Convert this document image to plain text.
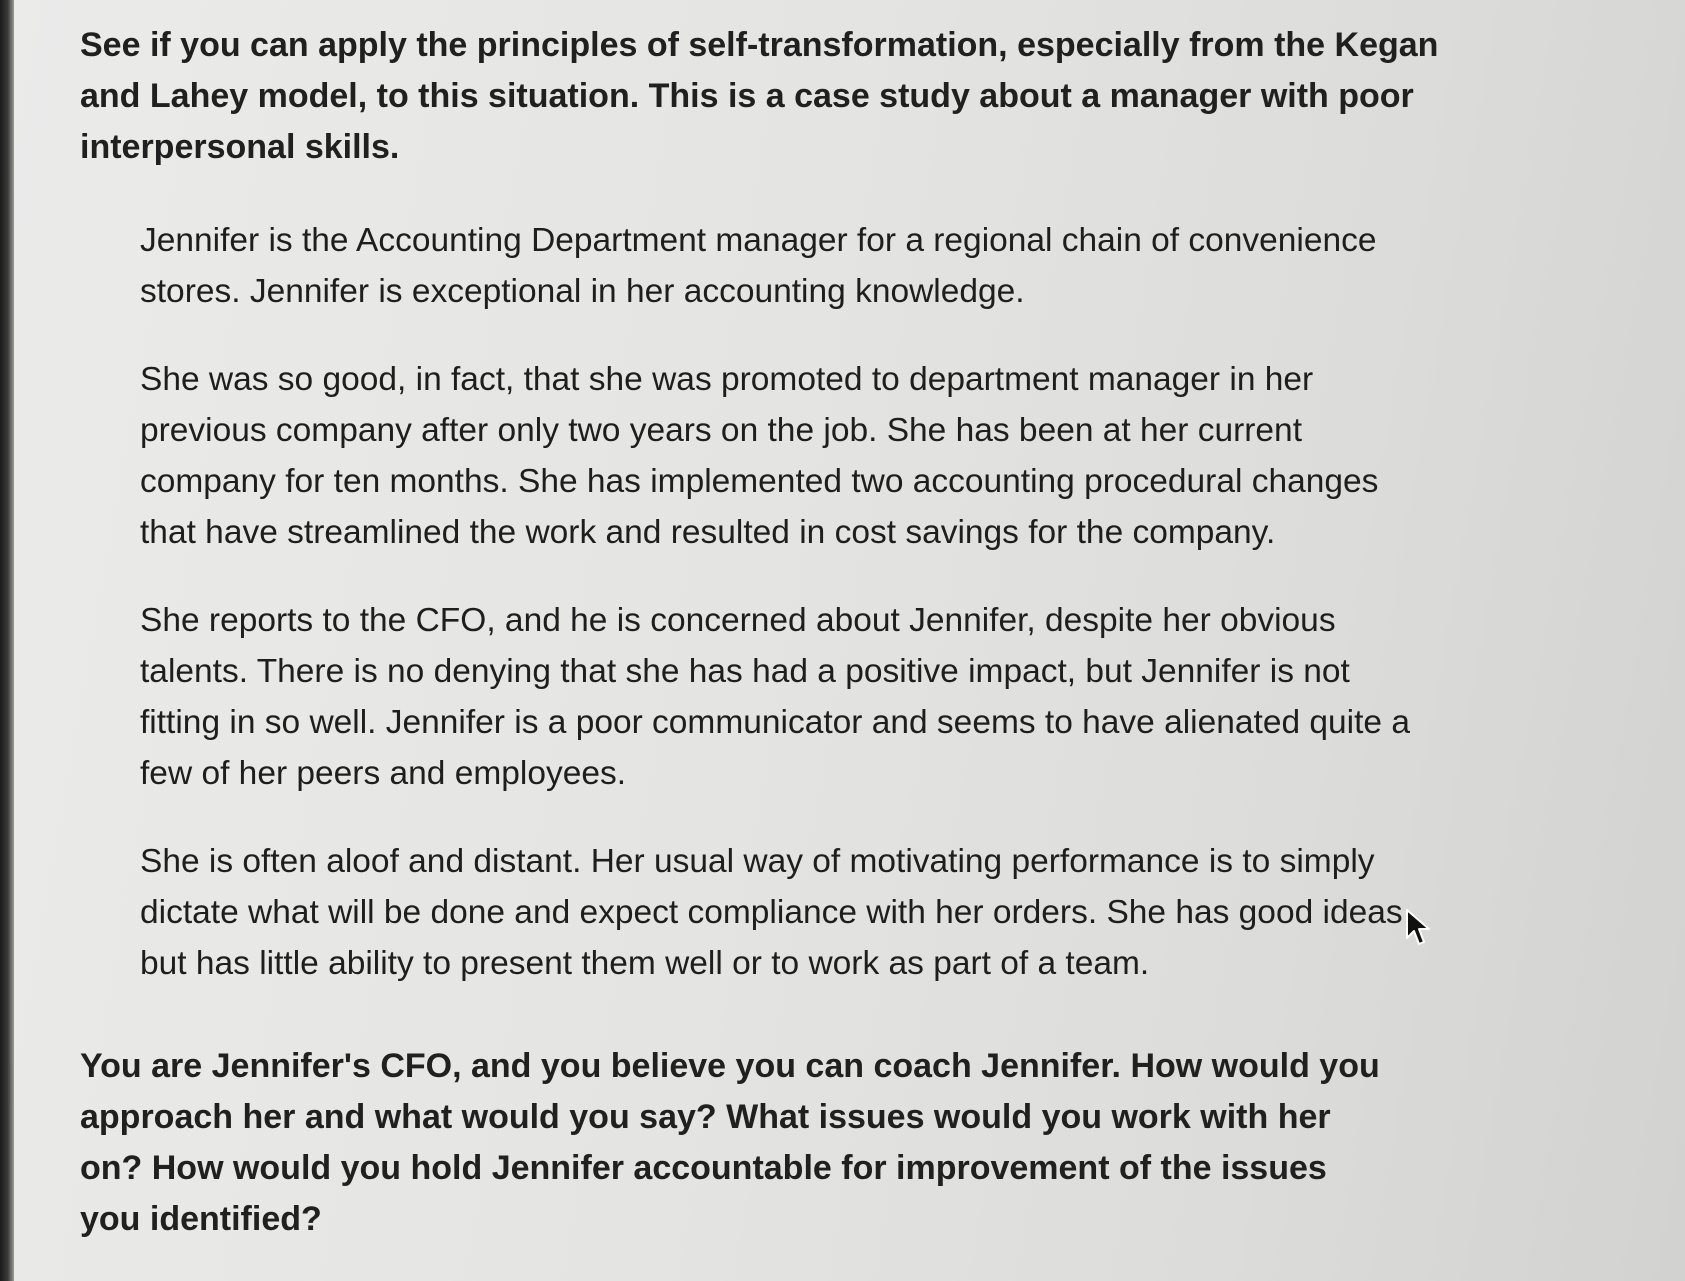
See if you can apply the principles of self-transformation, especially from the Kegan and Lahey model, to this situation. This is a case study about a manager with poor interpersonal skills.

Jennifer is the Accounting Department manager for a regional chain of convenience stores. Jennifer is exceptional in her accounting knowledge.

She was so good, in fact, that she was promoted to department manager in her previous company after only two years on the job. She has been at her current company for ten months. She has implemented two accounting procedural changes that have streamlined the work and resulted in cost savings for the company.

She reports to the CFO, and he is concerned about Jennifer, despite her obvious talents. There is no denying that she has had a positive impact, but Jennifer is not fitting in so well. Jennifer is a poor communicator and seems to have alienated quite a few of her peers and employees.

She is often aloof and distant. Her usual way of motivating performance is to simply dictate what will be done and expect compliance with her orders. She has good ideas but has little ability to present them well or to work as part of a team.

You are Jennifer's CFO, and you believe you can coach Jennifer. How would you approach her and what would you say? What issues would you work with her on? How would you hold Jennifer accountable for improvement of the issues you identified?
